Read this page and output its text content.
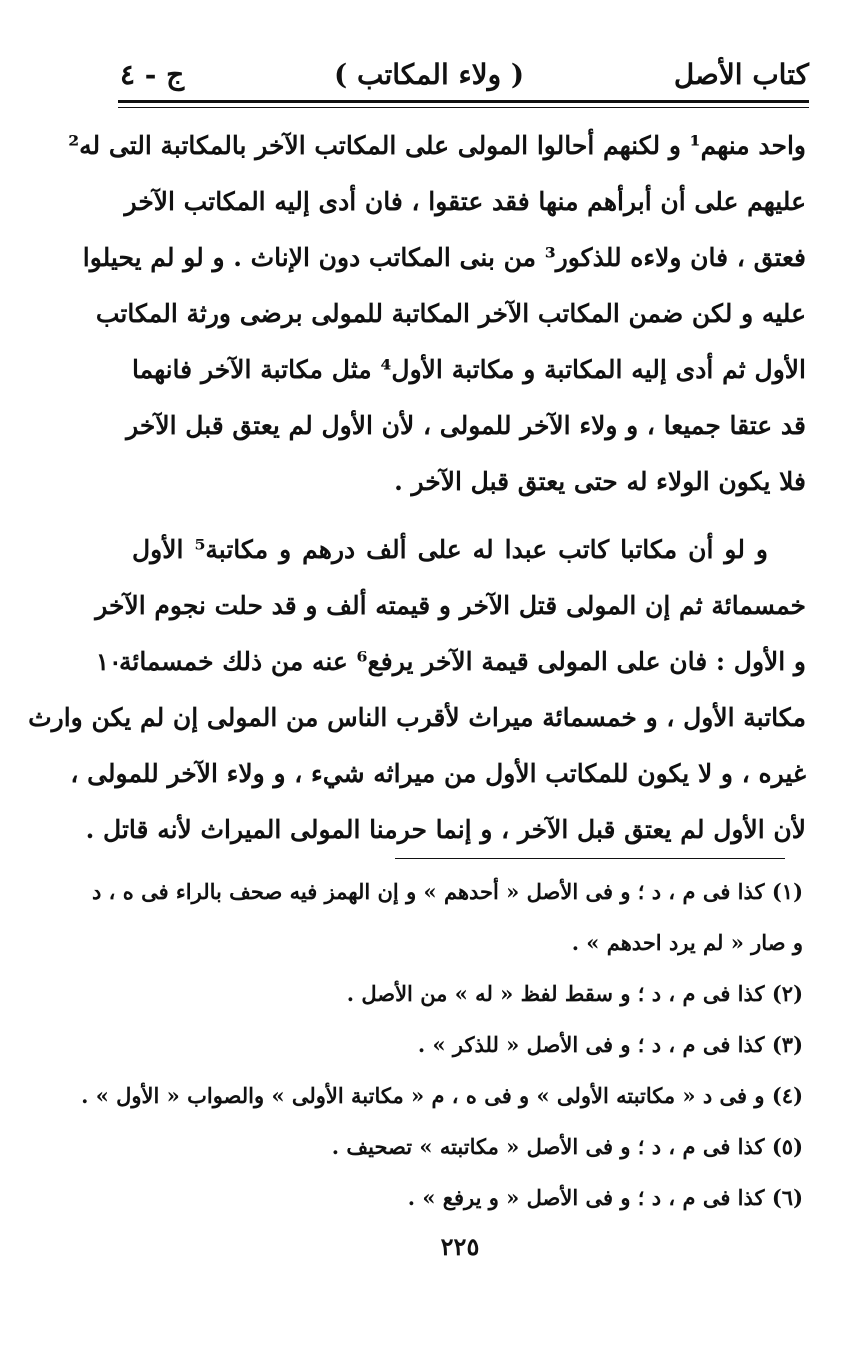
كتاب الأصل
( ولاء المكاتب )
ج - ٤

واحد منهم¹ و لكنهم أحالوا المولى على المكاتب الآخر بالمكاتبة التى له²
عليهم على أن أبرأهم منها فقد عتقوا ، فان أدى إليه المكاتب الآخر
فعتق ، فان ولاءه للذكور³ من بنى المكاتب دون الإناث . و لو لم يحيلوا
عليه و لكن ضمن المكاتب الآخر المكاتبة للمولى برضى ورثة المكاتب
الأول ثم أدى إليه المكاتبة و مكاتبة الأول⁴ مثل مكاتبة الآخر فانهما
قد عتقا جميعا ، و ولاء الآخر للمولى ، لأن الأول لم يعتق قبل الآخر
فلا يكون الولاء له حتى يعتق قبل الآخر .

و لو أن مكاتبا كاتب عبدا له على ألف درهم و مكاتبة⁵ الأول
خمسمائة ثم إن المولى قتل الآخر و قيمته ألف و قد حلت نجوم الآخر
و الأول : فان على المولى قيمة الآخر يرفع⁶ عنه من ذلك خمسمائة
١٠
مكاتبة الأول ، و خمسمائة ميراث لأقرب الناس من المولى إن لم يكن وارث
غيره ، و لا يكون للمكاتب الأول من ميراثه شيء ، و ولاء الآخر للمولى ،
لأن الأول لم يعتق قبل الآخر ، و إنما حرمنا المولى الميراث لأنه قاتل .

(١) كذا فى م ، د ؛ و فى الأصل « أحدهم » و إن الهمز فيه صحف بالراء فى ه ، د
و صار « لم يرد احدهم » .
(٢) كذا فى م ، د ؛ و سقط لفظ « له » من الأصل .
(٣) كذا فى م ، د ؛ و فى الأصل « للذكر » .
(٤) و فى د « مكاتبته الأولى » و فى ه ، م « مكاتبة الأولى » والصواب « الأول » .
(٥) كذا فى م ، د ؛ و فى الأصل « مكاتبته » تصحيف .
(٦) كذا فى م ، د ؛ و فى الأصل « و يرفع » .
٢٢٥
